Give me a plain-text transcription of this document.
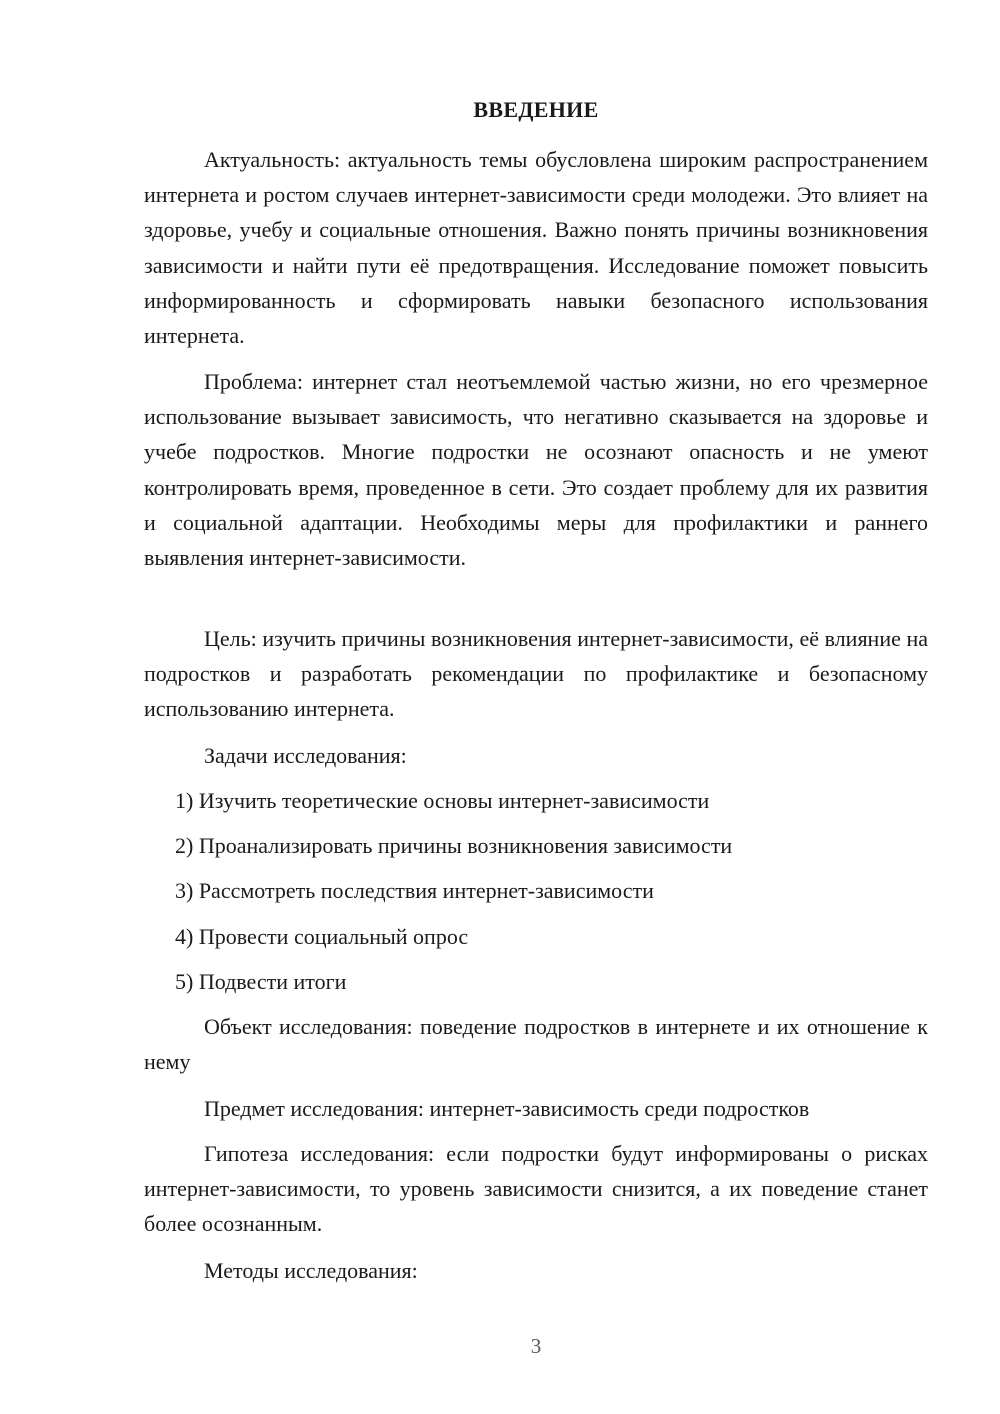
ВВЕДЕНИЕ

Актуальность: актуальность темы обусловлена широким распространением интернета и ростом случаев интернет-зависимости среди молодежи. Это влияет на здоровье, учебу и социальные отношения. Важно понять причины возникновения зависимости и найти пути её предотвращения. Исследование поможет повысить информированность и сформировать навыки безопасного использования интернета.

Проблема: интернет стал неотъемлемой частью жизни, но его чрезмерное использование вызывает зависимость, что негативно сказывается на здоровье и учебе подростков. Многие подростки не осознают опасность и не умеют контролировать время, проведенное в сети. Это создает проблему для их развития и социальной адаптации. Необходимы меры для профилактики и раннего выявления интернет-зависимости.

Цель: изучить причины возникновения интернет-зависимости, её влияние на подростков и разработать рекомендации по профилактике и безопасному использованию интернета.

Задачи исследования:

1) Изучить теоретические основы интернет-зависимости
2) Проанализировать причины возникновения зависимости
3) Рассмотреть последствия интернет-зависимости
4) Провести социальный опрос
5) Подвести итоги

Объект исследования: поведение подростков в интернете и их отношение к нему

Предмет исследования: интернет-зависимость среди подростков

Гипотеза исследования: если подростки будут информированы о рисках интернет-зависимости, то уровень зависимости снизится, а их поведение станет более осознанным.

Методы исследования:

3
